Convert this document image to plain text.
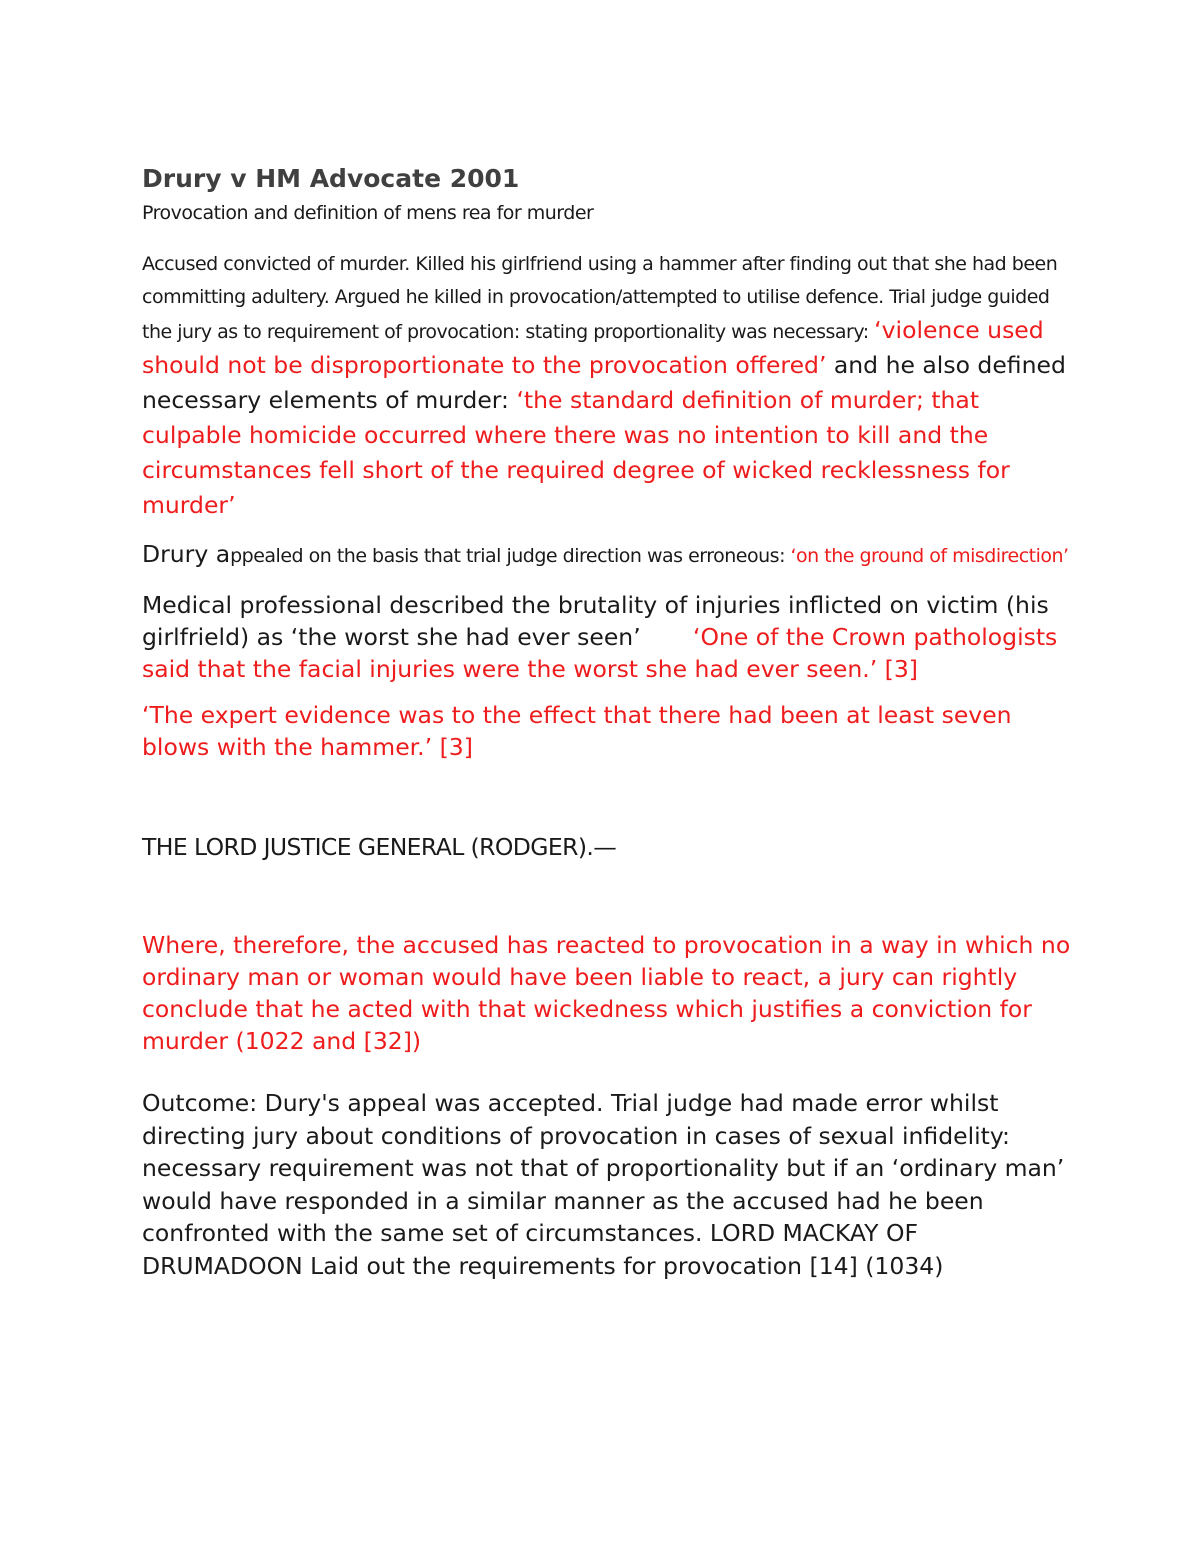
Drury v HM Advocate 2001

Provocation and definition of mens rea for murder

Accused convicted of murder. Killed his girlfriend using a hammer after finding out that she had been committing adultery. Argued he killed in provocation/attempted to utilise defence. Trial judge guided the jury as to requirement of provocation: stating proportionality was necessary: ‘violence used should not be disproportionate to the provocation offered’ and he also defined necessary elements of murder: ‘the standard definition of murder; that culpable homicide occurred where there was no intention to kill and the circumstances fell short of the required degree of wicked recklessness for murder’

Drury appealed on the basis that trial judge direction was erroneous: ‘on the ground of misdirection’

Medical professional described the brutality of injuries inflicted on victim (his girlfrield) as ‘the worst she had ever seen’ ‘One of the Crown pathologists said that the facial injuries were the worst she had ever seen.’ [3]

‘The expert evidence was to the effect that there had been at least seven blows with the hammer.’ [3]

THE LORD JUSTICE GENERAL (RODGER).—

Where, therefore, the accused has reacted to provocation in a way in which no ordinary man or woman would have been liable to react, a jury can rightly conclude that he acted with that wickedness which justifies a conviction for murder (1022 and [32])

Outcome: Dury's appeal was accepted. Trial judge had made error whilst directing jury about conditions of provocation in cases of sexual infidelity: necessary requirement was not that of proportionality but if an ‘ordinary man’ would have responded in a similar manner as the accused had he been confronted with the same set of circumstances. LORD MACKAY OF DRUMADOON Laid out the requirements for provocation [14] (1034)
